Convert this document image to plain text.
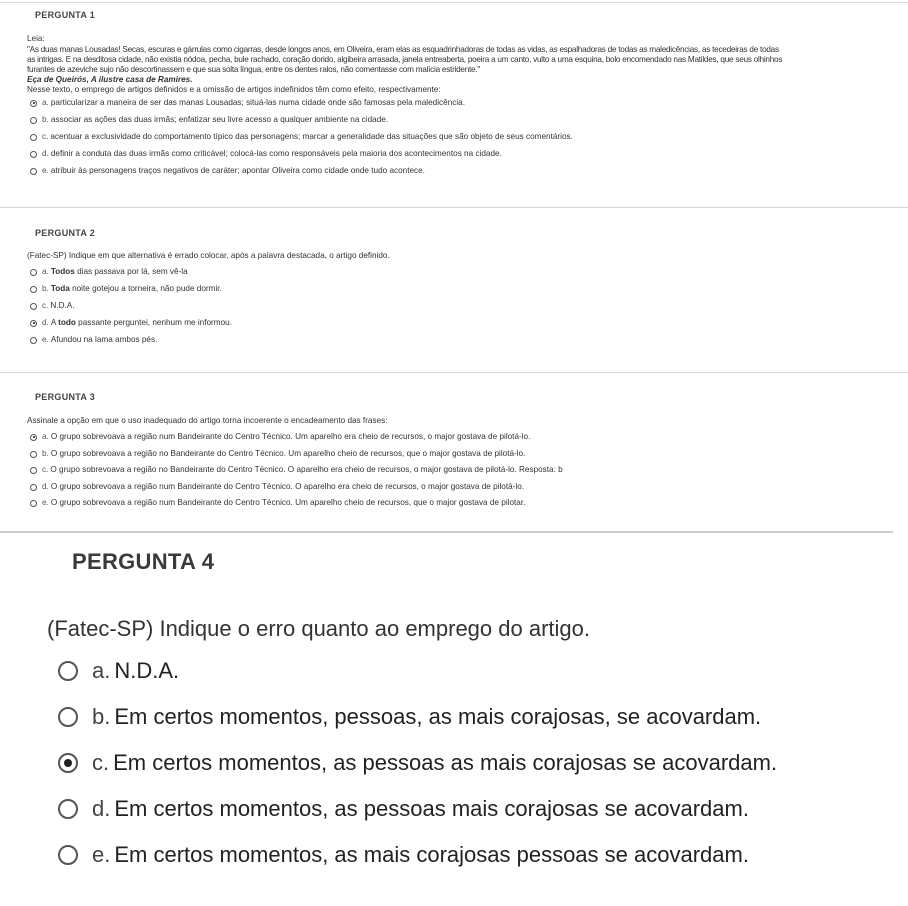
PERGUNTA 1
Leia:
"As duas manas Lousadas! Secas, escuras e gárrulas como cigarras, desde longos anos, em Oliveira, eram elas as esquadrinhadoras de todas as vidas, as espalhadoras de todas as maledicências, as tecedeiras de todas
as intrigas. E na desditosa cidade, não existia nódoa, pecha, bule rachado, coração dorido, algibeira arrasada, janela entreaberta, poeira a um canto, vulto a uma esquina, bolo encomendado nas Matildes, que seus olhinhos
furantes de azeviche sujo não descortinassem e que sua solta língua, entre os dentes ralos, não comentasse com malícia estridente."
Eça de Queirós, A ilustre casa de Ramires.
Nesse texto, o emprego de artigos definidos e a omissão de artigos indefinidos têm como efeito, respectivamente:
a. particularizar a maneira de ser das manas Lousadas; situá-las numa cidade onde são famosas pela maledicência.
b. associar as ações das duas irmãs; enfatizar seu livre acesso a qualquer ambiente na cidade.
c. acentuar a exclusividade do comportamento típico das personagens; marcar a generalidade das situações que são objeto de seus comentários.
d. definir a conduta das duas irmãs como criticável; colocá-las como responsáveis pela maioria dos acontecimentos na cidade.
e. atribuir às personagens traços negativos de caráter; apontar Oliveira como cidade onde tudo acontece.
PERGUNTA 2
(Fatec-SP) Indique em que alternativa é errado colocar, após a palavra destacada, o artigo definido.
a. Todos dias passava por lá, sem vê-la
b. Toda noite gotejou a torneira, não pude dormir.
c. N.D.A.
d. A todo passante perguntei, nenhum me informou.
e. Afundou na lama ambos pés.
PERGUNTA 3
Assinale a opção em que o uso inadequado do artigo torna incoerente o encadeamento das frases:
a. O grupo sobrevoava a região num Bandeirante do Centro Técnico. Um aparelho era cheio de recursos, o major gostava de pilotá-lo.
b. O grupo sobrevoava a região no Bandeirante do Centro Técnico. Um aparelho cheio de recursos, que o major gostava de pilotá-lo.
c. O grupo sobrevoava a região no Bandeirante do Centro Técnico. O aparelho era cheio de recursos, o major gostava de pilotá-lo. Resposta: b
d. O grupo sobrevoava a região num Bandeirante do Centro Técnico. O aparelho era cheio de recursos, o major gostava de pilotá-lo.
e. O grupo sobrevoava a região num Bandeirante do Centro Técnico. Um aparelho cheio de recursos, que o major gostava de pilotar.
PERGUNTA 4
(Fatec-SP) Indique o erro quanto ao emprego do artigo.
a. N.D.A.
b. Em certos momentos, pessoas, as mais corajosas, se acovardam.
c. Em certos momentos, as pessoas as mais corajosas se acovardam.
d. Em certos momentos, as pessoas mais corajosas se acovardam.
e. Em certos momentos, as mais corajosas pessoas se acovardam.
